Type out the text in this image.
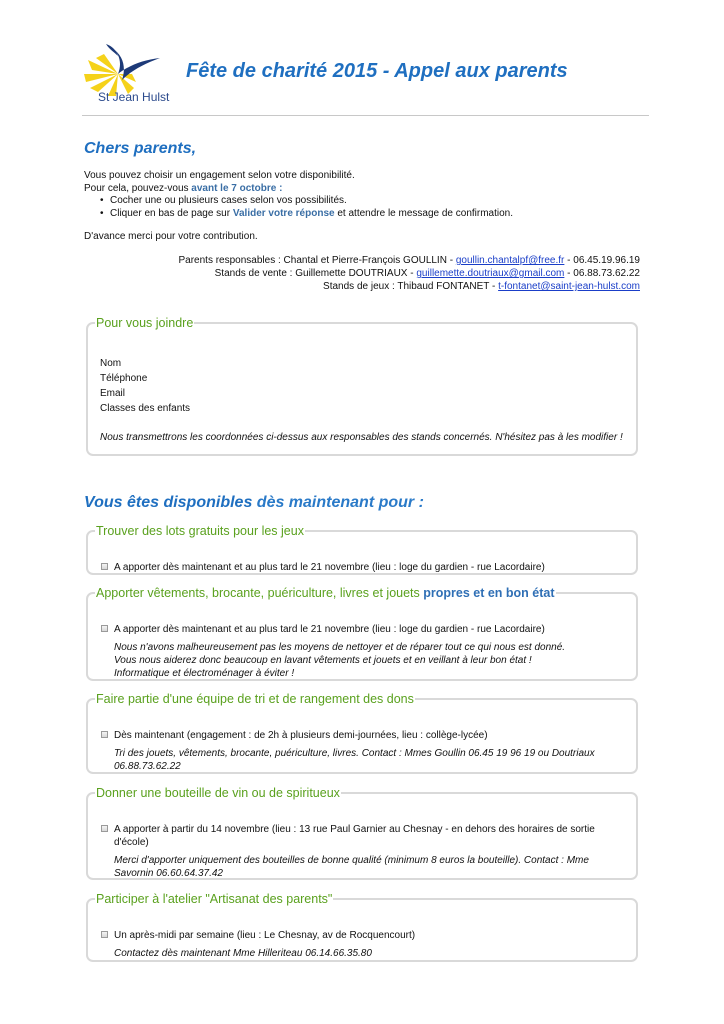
St Jean Hulst
Fête de charité 2015 - Appel aux parents
Chers parents,

Vous pouvez choisir un engagement selon votre disponibilité.

Pour cela, pouvez-vous avant le 7 octobre :

• Cocher une ou plusieurs cases selon vos possibilités.
• Cliquer en bas de page sur Valider votre réponse et attendre le message de confirmation.

D'avance merci pour votre contribution.

Parents responsables : Chantal et Pierre-François GOULLIN - goullin.chantalpf@free.fr - 06.45.19.96.19
Stands de vente : Guillemette DOUTRIAUX - guillemette.doutriaux@gmail.com - 06.88.73.62.22
Stands de jeux : Thibaud FONTANET - t-fontanet@saint-jean-hulst.com
Pour vous joindre
Nom
Téléphone
Email
Classes des enfants
Nous transmettrons les coordonnées ci-dessus aux responsables des stands concernés. N'hésitez pas à les modifier !
Vous êtes disponibles dès maintenant pour :
Trouver des lots gratuits pour les jeux
A apporter dès maintenant et au plus tard le 21 novembre (lieu : loge du gardien - rue Lacordaire)
Apporter vêtements, brocante, puériculture, livres et jouets propres et en bon état
A apporter dès maintenant et au plus tard le 21 novembre (lieu : loge du gardien - rue Lacordaire)
Nous n'avons malheureusement pas les moyens de nettoyer et de réparer tout ce qui nous est donné.
Vous nous aiderez donc beaucoup en lavant vêtements et jouets et en veillant à leur bon état !
Informatique et électroménager à éviter !
Faire partie d'une équipe de tri et de rangement des dons
Dès maintenant (engagement : de 2h à plusieurs demi-journées, lieu : collège-lycée)
Tri des jouets, vêtements, brocante, puériculture, livres. Contact : Mmes Goullin 06.45 19 96 19 ou Doutriaux 06.88.73.62.22
Donner une bouteille de vin ou de spiritueux
A apporter à partir du 14 novembre (lieu : 13 rue Paul Garnier au Chesnay - en dehors des horaires de sortie d'école)
Merci d'apporter uniquement des bouteilles de bonne qualité (minimum 8 euros la bouteille). Contact : Mme Savornin 06.60.64.37.42
Participer à l'atelier "Artisanat des parents"
Un après-midi par semaine (lieu : Le Chesnay, av de Rocquencourt)
Contactez dès maintenant Mme Hilleriteau 06.14.66.35.80
